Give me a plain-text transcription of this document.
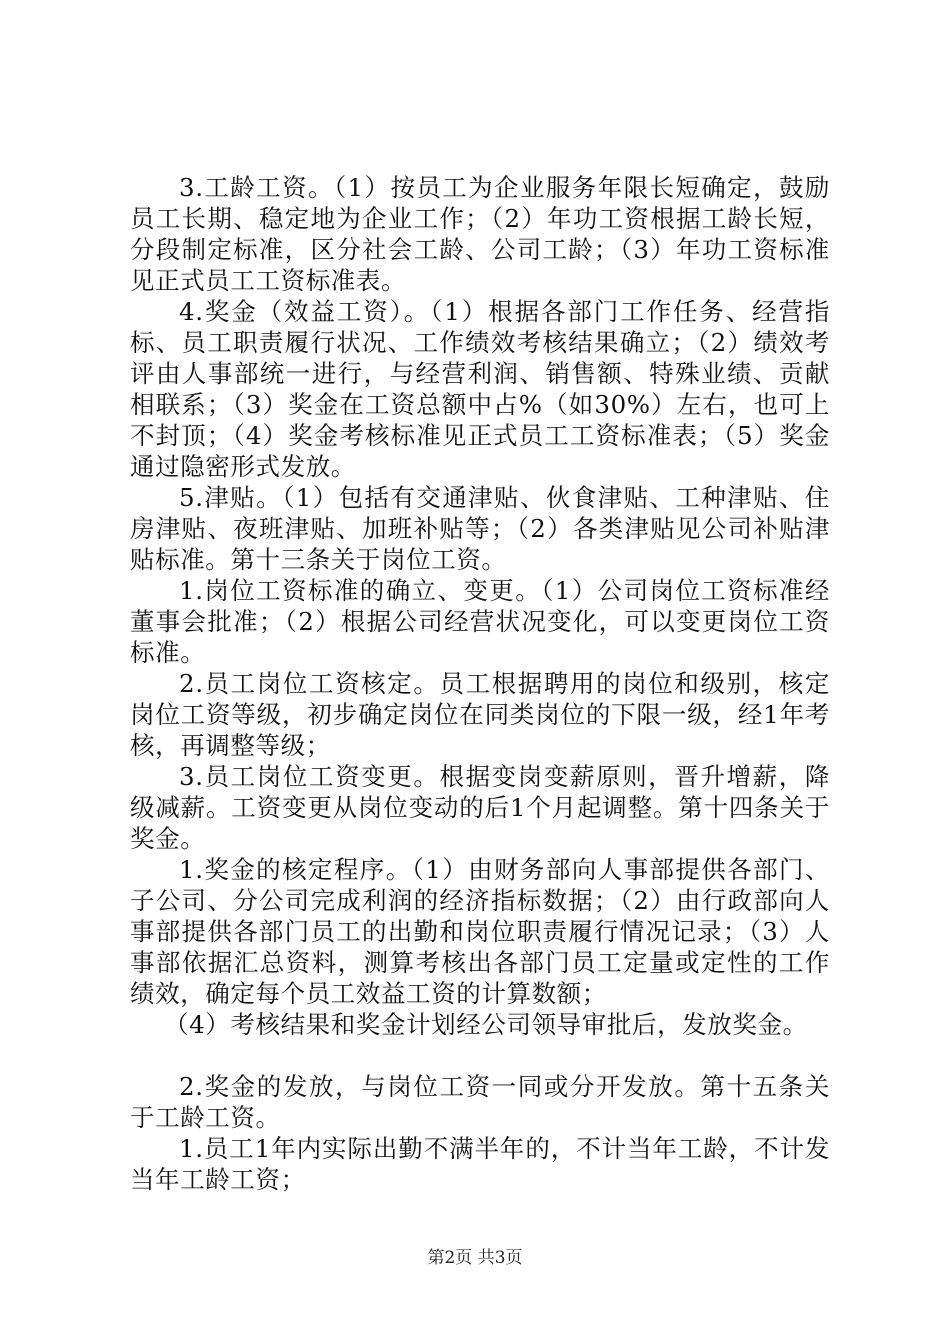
3.工龄工资。（1）按员工为企业服务年限长短确定，鼓励员工长期、稳定地为企业工作；（2）年功工资根据工龄长短，分段制定标准，区分社会工龄、公司工龄；（3）年功工资标准见正式员工工资标准表。

4.奖金（效益工资）。（1）根据各部门工作任务、经营指标、员工职责履行状况、工作绩效考核结果确立；（2）绩效考评由人事部统一进行，与经营利润、销售额、特殊业绩、贡献相联系；（3）奖金在工资总额中占%（如30%）左右，也可上不封顶；（4）奖金考核标准见正式员工工资标准表；（5）奖金通过隐密形式发放。

5.津贴。（1）包括有交通津贴、伙食津贴、工种津贴、住房津贴、夜班津贴、加班补贴等；（2）各类津贴见公司补贴津贴标准。第十三条关于岗位工资。

1.岗位工资标准的确立、变更。（1）公司岗位工资标准经董事会批准；（2）根据公司经营状况变化，可以变更岗位工资标准。

2.员工岗位工资核定。员工根据聘用的岗位和级别，核定岗位工资等级，初步确定岗位在同类岗位的下限一级，经1年考核，再调整等级；

3.员工岗位工资变更。根据变岗变薪原则，晋升增薪，降级减薪。工资变更从岗位变动的后1个月起调整。第十四条关于奖金。

1.奖金的核定程序。（1）由财务部向人事部提供各部门、子公司、分公司完成利润的经济指标数据；（2）由行政部向人事部提供各部门员工的出勤和岗位职责履行情况记录；（3）人事部依据汇总资料，测算考核出各部门员工定量或定性的工作绩效，确定每个员工效益工资的计算数额；

（4）考核结果和奖金计划经公司领导审批后，发放奖金。

2.奖金的发放，与岗位工资一同或分开发放。第十五条关于工龄工资。

1.员工1年内实际出勤不满半年的，不计当年工龄，不计发当年工龄工资；

第2页 共3页
